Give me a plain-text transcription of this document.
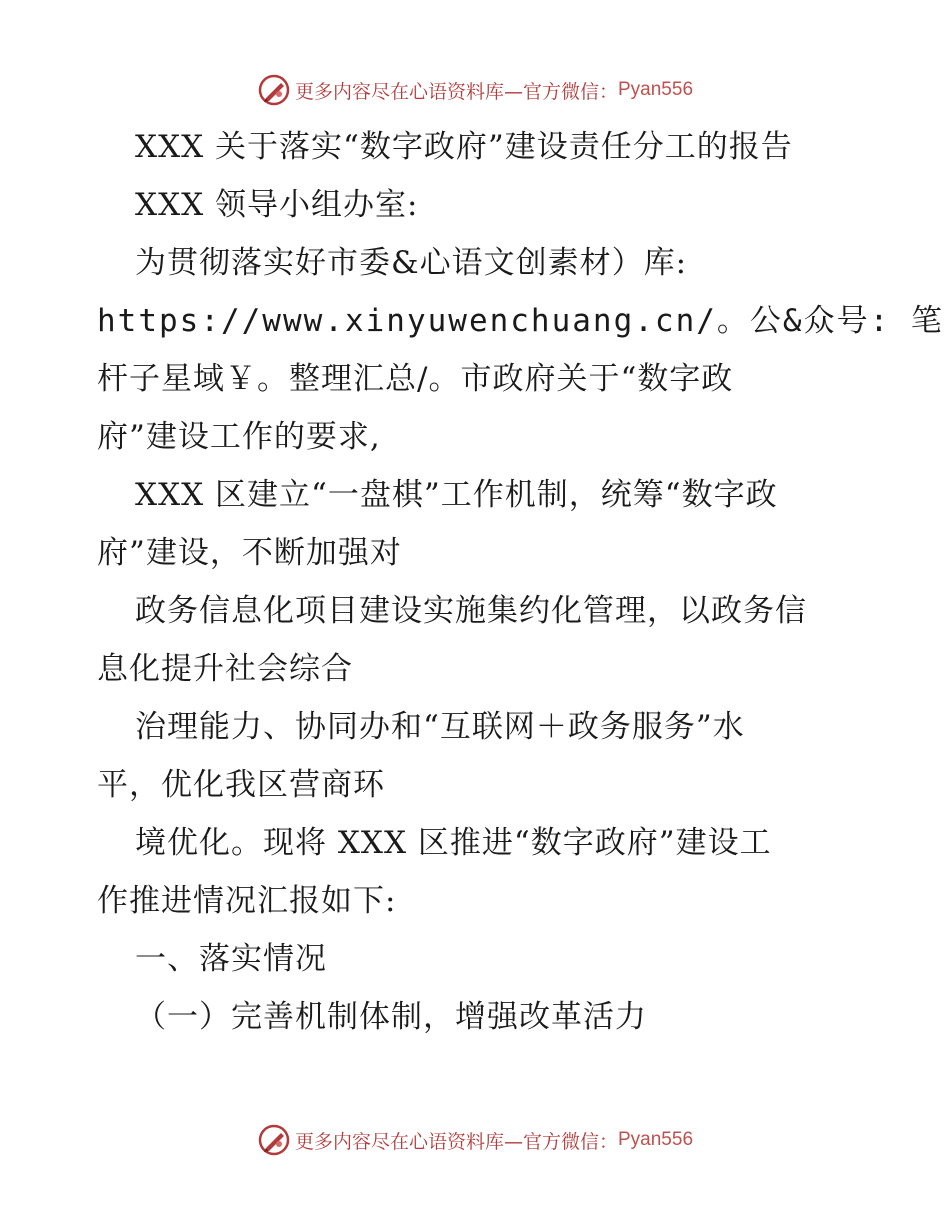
更多内容尽在心语资料库—官方微信： Pyan556
XXX 关于落实“数字政府”建设责任分工的报告
XXX 领导小组办室:
为贯彻落实好市委&心语文创素材）库:
https://www.xinyuwenchuang.cn/。公&众号: 笔
杆子星域￥。整理汇总/。市政府关于“数字政
府”建设工作的要求,
XXX 区建立“一盘棋”工作机制，统筹“数字政
府”建设，不断加强对
政务信息化项目建设实施集约化管理，以政务信
息化提升社会综合
治理能力、协同办和“互联网＋政务服务”水
平，优化我区营商环
境优化。现将 XXX 区推进“数字政府”建设工
作推进情况汇报如下:
一、落实情况
（一）完善机制体制，增强改革活力
更多内容尽在心语资料库—官方微信： Pyan556
